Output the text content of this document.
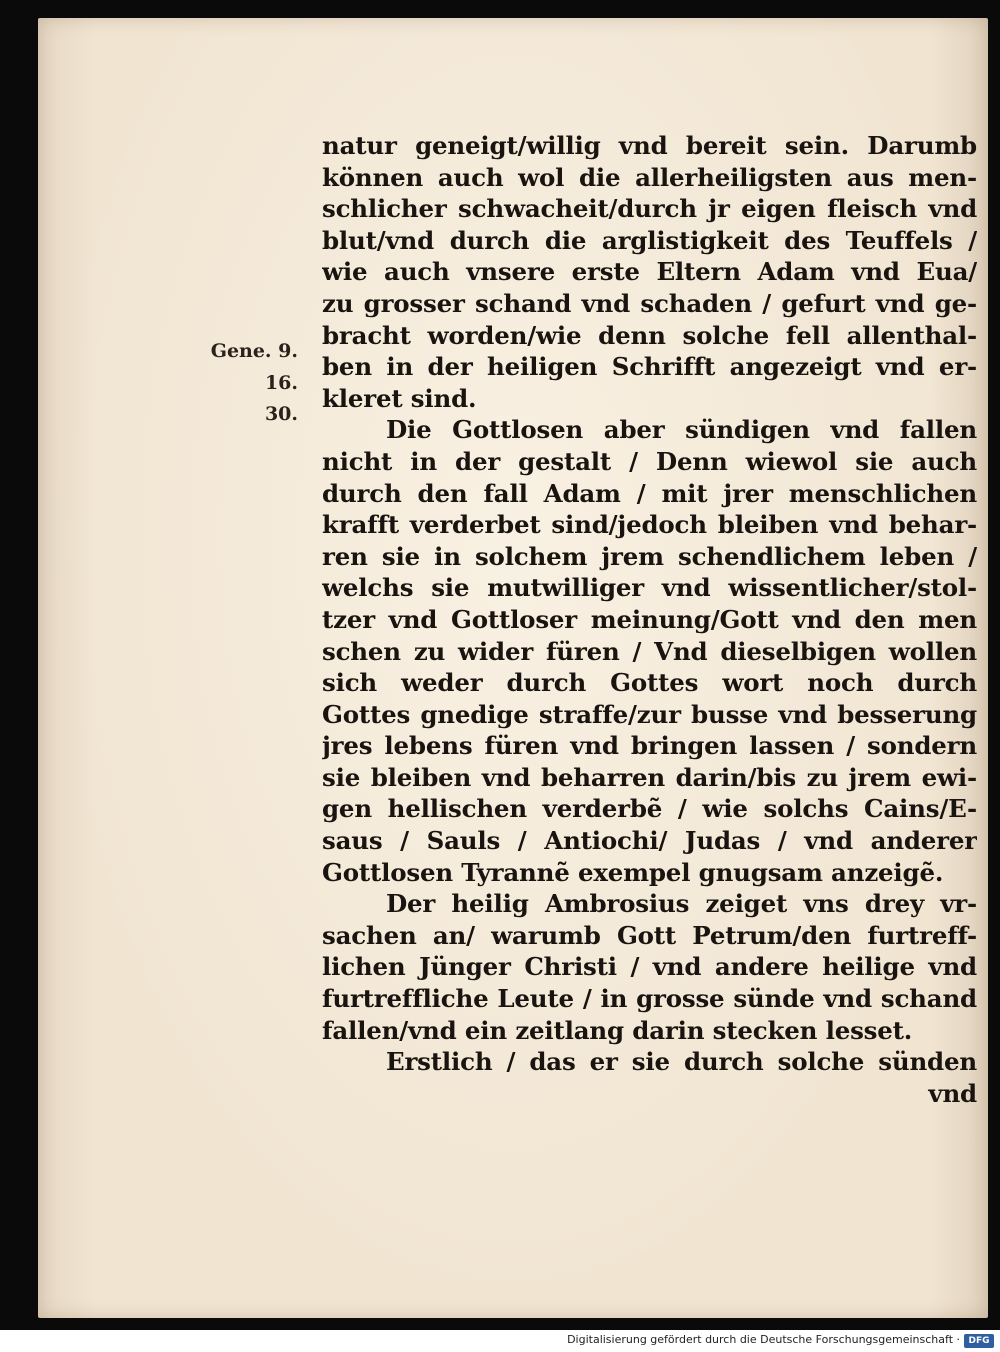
Gene. 9.
16.
30.
natur geneigt/willig vnd bereit sein. Darumb
können auch wol die allerheiligsten aus men-
schlicher schwacheit/durch jr eigen fleisch vnd
blut/vnd durch die arglistigkeit des Teuffels /
wie auch vnsere erste Eltern Adam vnd Eua/
zu grosser schand vnd schaden / gefurt vnd ge-
bracht worden/wie denn solche fell allenthal-
ben in der heiligen Schrifft angezeigt vnd er-
kleret sind.
Die Gottlosen aber sündigen vnd fallen
nicht in der gestalt / Denn wiewol sie auch
durch den fall Adam / mit jrer menschlichen
krafft verderbet sind/jedoch bleiben vnd behar-
ren sie in solchem jrem schendlichem leben /
welchs sie mutwilliger vnd wissentlicher/stol-
tzer vnd Gottloser meinung/Gott vnd den men
schen zu wider füren / Vnd dieselbigen wollen
sich weder durch Gottes wort noch durch
Gottes gnedige straffe/zur busse vnd besserung
jres lebens füren vnd bringen lassen / sondern
sie bleiben vnd beharren darin/bis zu jrem ewi-
gen hellischen verderbẽ / wie solchs Cains/E-
saus / Sauls / Antiochi/ Judas / vnd anderer
Gottlosen Tyrannẽ exempel gnugsam anzeigẽ.
Der heilig Ambrosius zeiget vns drey vr-
sachen an/ warumb Gott Petrum/den furtreff-
lichen Jünger Christi / vnd andere heilige vnd
furtreffliche Leute / in grosse sünde vnd schand
fallen/vnd ein zeitlang darin stecken lesset.
Erstlich / das er sie durch solche sünden
vnd
Digitalisierung gefördert durch die Deutsche Forschungsgemeinschaft · DFG
